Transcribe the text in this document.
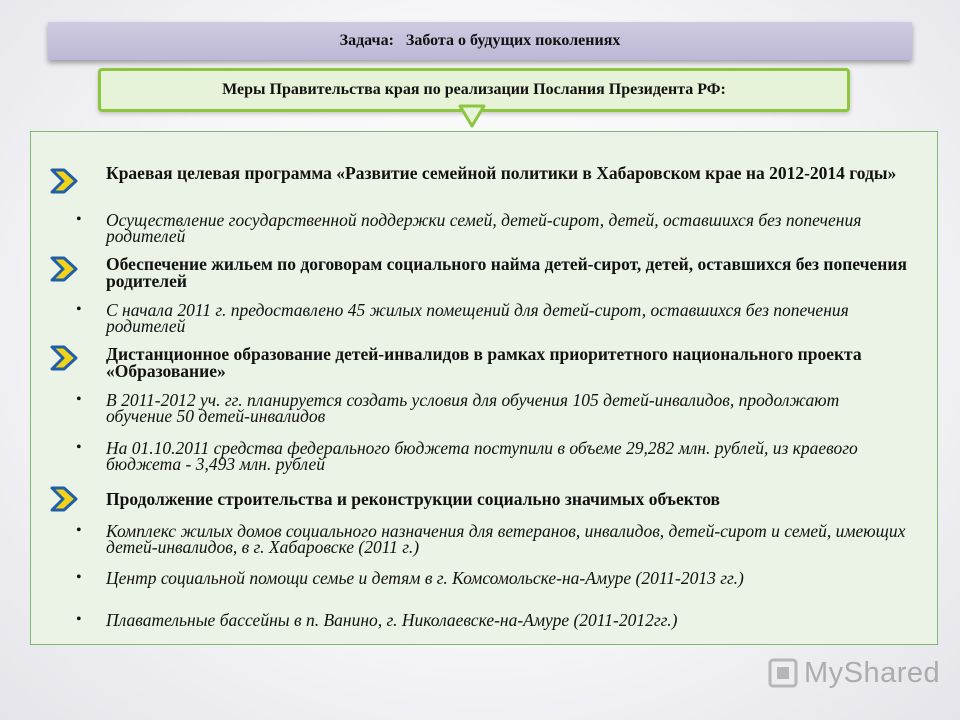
Задача:   Забота о будущих поколениях
Меры Правительства края по реализации Послания Президента РФ:
Краевая целевая программа «Развитие семейной политики в Хабаровском крае на 2012-2014 годы»
• Осуществление государственной поддержки семей, детей-сирот, детей, оставшихся без попечения родителей
Обеспечение жильем по договорам социального найма детей-сирот, детей, оставшихся без попечения родителей
• С начала 2011 г. предоставлено 45 жилых помещений для детей-сирот, оставшихся без попечения родителей
Дистанционное образование детей-инвалидов в рамках приоритетного национального проекта «Образование»
• В 2011-2012 уч. гг. планируется создать условия для обучения 105 детей-инвалидов, продолжают обучение 50 детей-инвалидов
• На 01.10.2011 средства федерального бюджета поступили в объеме 29,282 млн. рублей, из краевого бюджета - 3,493 млн. рублей
Продолжение строительства и реконструкции социально значимых объектов
• Комплекс жилых домов социального назначения для ветеранов, инвалидов, детей-сирот и семей, имеющих детей-инвалидов, в г. Хабаровске (2011 г.)
• Центр социальной помощи семье и детям в г. Комсомольске-на-Амуре (2011-2013 гг.)
• Плавательные бассейны в п. Ванино, г. Николаевске-на-Амуре (2011-2012гг.)
MyShared
